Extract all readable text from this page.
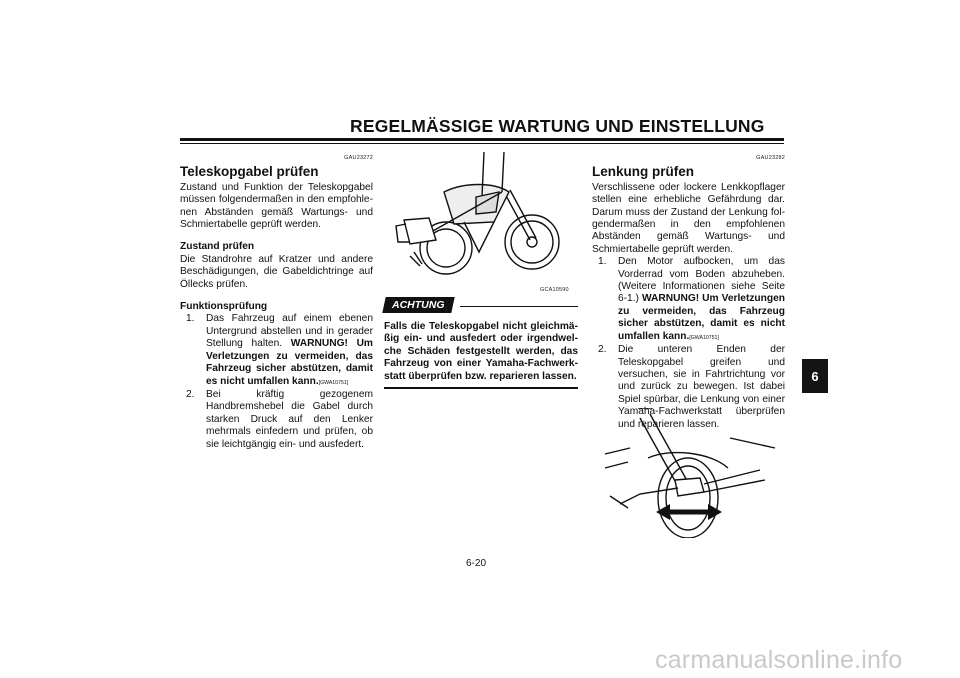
REGELMÄSSIGE WARTUNG UND EINSTELLUNG
6
GAU23272
Teleskopgabel prüfen
Zustand und Funktion der Teleskopgabel müssen folgendermaßen in den empfohlenen Abständen gemäß Wartungs- und Schmiertabelle geprüft werden.
Zustand prüfen
Die Standrohre auf Kratzer und andere Beschädigungen, die Gabeldichtringe auf Öllecks prüfen.
Funktionsprüfung
1.	Das Fahrzeug auf einem ebenen Untergrund abstellen und in gerader Stellung halten. WARNUNG! Um Verletzungen zu vermeiden, das Fahrzeug sicher abstützen, damit es nicht umfallen kann.[GWA10751]
2.	Bei kräftig gezogenem Handbremshebel die Gabel durch starken Druck auf den Lenker mehrmals einfedern und prüfen, ob sie leichtgängig ein- und ausfedert.
GCA10590
ACHTUNG
Falls die Teleskopgabel nicht gleichmäßig ein- und ausfedert oder irgendwelche Schäden festgestellt werden, das Fahrzeug von einer Yamaha-Fachwerkstatt überprüfen bzw. reparieren lassen.
GAU23282
Lenkung prüfen
Verschlissene oder lockere Lenkkopflager stellen eine erhebliche Gefährdung dar. Darum muss der Zustand der Lenkung folgendermaßen in den empfohlenen Abständen gemäß Wartungs- und Schmiertabelle geprüft werden.
1.	Den Motor aufbocken, um das Vorderrad vom Boden abzuheben. (Weitere Informationen siehe Seite 6-1.) WARNUNG! Um Verletzungen zu vermeiden, das Fahrzeug sicher abstützen, damit es nicht umfallen kann.[GWA10751]
2.	Die unteren Enden der Teleskopgabel greifen und versuchen, sie in Fahrtrichtung vor und zurück zu bewegen. Ist dabei Spiel spürbar, die Lenkung von einer Yamaha-Fachwerkstatt überprüfen und reparieren lassen.
6-20
carmanualsonline.info
